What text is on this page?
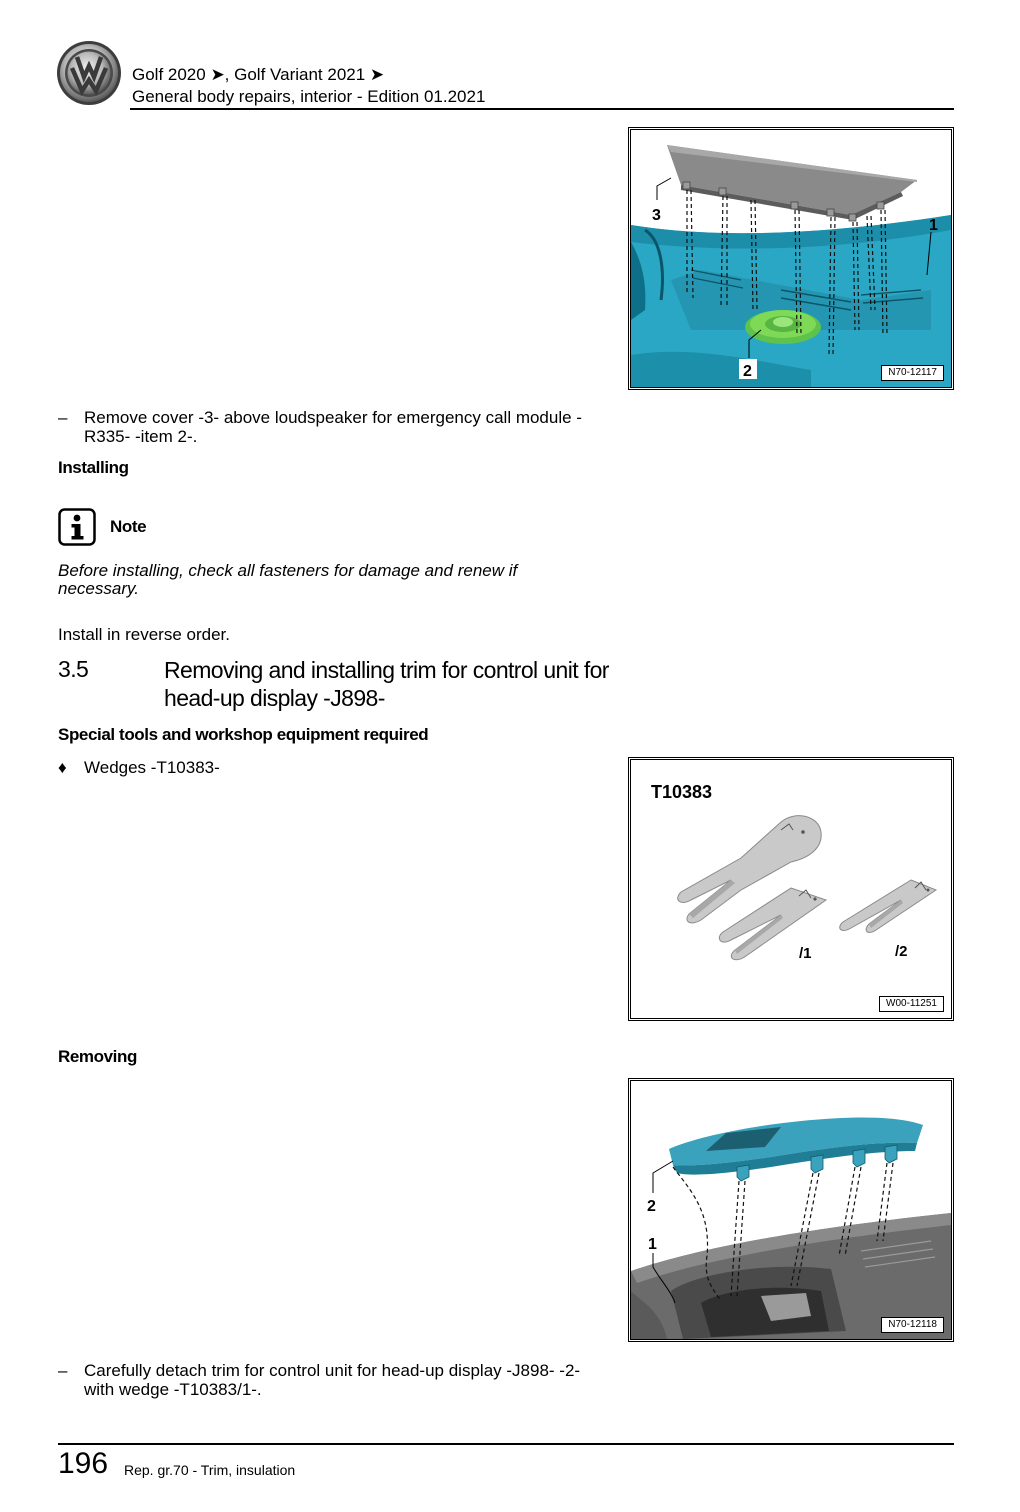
Golf 2020 ➤, Golf Variant 2021 ➤
General body repairs, interior - Edition 01.2021
3
1
2	N70-12117
– Remove cover -3- above loudspeaker for emergency call module -R335- -item 2-.
Installing
Note
Before installing, check all fasteners for damage and renew if necessary.
Install in reverse order.
3.5	Removing and installing trim for control unit for head-up display -J898-
Special tools and workshop equipment required
♦ Wedges -T10383-
T10383
/1	/2
W00-11251
Removing
2
1
N70-12118
– Carefully detach trim for control unit for head-up display -J898- -2- with wedge -T10383/1-.
196 Rep. gr.70 - Trim, insulation
